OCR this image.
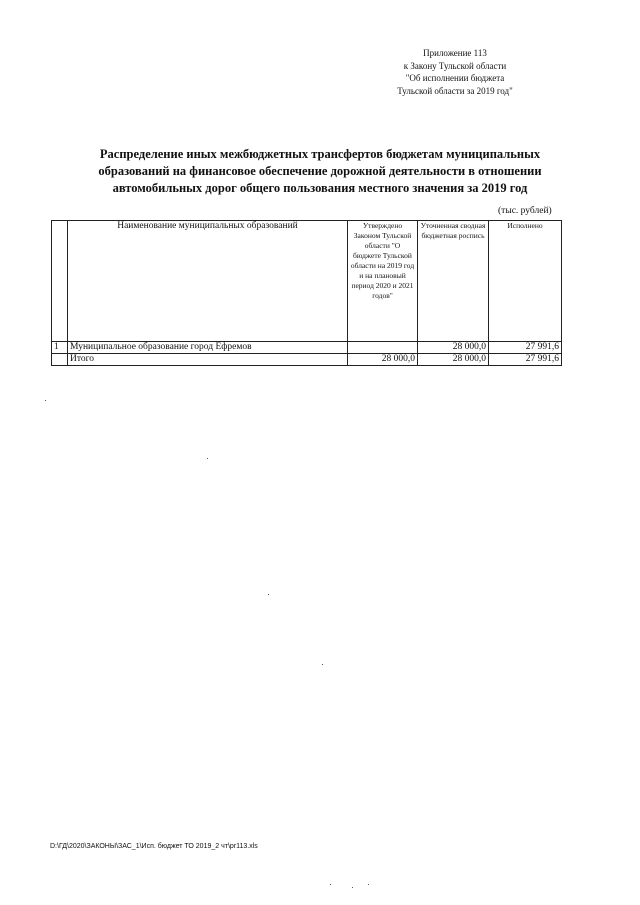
Приложение 113
к Закону Тульской области
"Об исполнении бюджета
Тульской области за 2019 год"
Распределение иных межбюджетных трансфертов бюджетам муниципальных образований на финансовое обеспечение дорожной деятельности в отношении автомобильных дорог общего пользования местного значения за 2019 год
(тыс. рублей)
	Наименование муниципальных образований	Утверждено Законом Тульской области "О бюджете Тульской области на 2019 год и на плановый период 2020 и 2021 годов"	Уточненная сводная бюджетная роспись	Исполнено
1	Муниципальное образование город Ефремов		28 000,0	27 991,6
	Итого	28 000,0	28 000,0	27 991,6
D:\ГД\2020\ЗАКОНЫ\ЗАС_1\Исп. бюджет ТО 2019_2 чт\pr113.xls
